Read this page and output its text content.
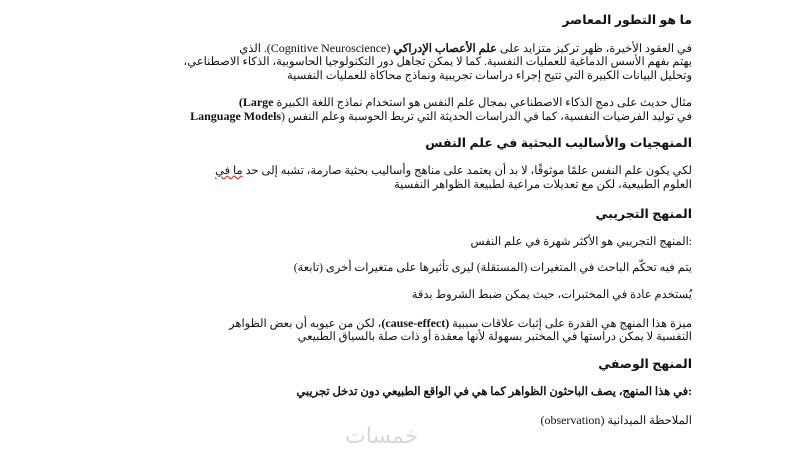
ما هو التطور المعاصر
في العقود الأخيرة، ظهر تركيز متزايد على علم الأعصاب الإدراكي (Cognitive Neuroscience). الذي
يهتم بفهم الأسس الدماغية للعمليات النفسية. كما لا يمكن تجاهل دور التكنولوجيا الحاسوبية، الذكاء الاصطناعي،
وتحليل البيانات الكبيرة التي تتيح إجراء دراسات تجريبية ونماذج محاكاة للعمليات النفسية
مثال حديث على دمج الذكاء الاصطناعي بمجال علم النفس هو استخدام نماذج اللغة الكبيرة Large)
في توليد الفرضيات النفسية، كما في الدراسات الحديثة التي تربط الحوسبة وعلم النفس (Language Models
المنهجيات والأساليب البحثية في علم النفس
لكي يكون علم النفس علمًا موثوقًا، لا بد أن يعتمد على مناهج وأساليب بحثية صارمة، تشبه إلى حد ما في
العلوم الطبيعية، لكن مع تعديلات مراعية لطبيعة الظواهر النفسية
المنهج التجريبي
:المنهج التجريبي هو الأكثر شهرة في علم النفس
يتم فيه تحكّم الباحث في المتغيرات (المستقلة) ليرى تأثيرها على متغيرات أخرى (تابعة)
يُستخدم عادة في المختبرات، حيث يمكن ضبط الشروط بدقة
ميزة هذا المنهج هي القدرة على إثبات علاقات سببية (cause-effect)، لكن من عيوبه أن بعض الظواهر
النفسية لا يمكن دراستها في المختبر بسهولة لأنها معقدة أو ذات صلة بالسياق الطبيعي
المنهج الوصفي
:في هذا المنهج، يصف الباحثون الظواهر كما هي في الواقع الطبيعي دون تدخل تجريبي
الملاحظة الميدانية (observation)
خمسات
